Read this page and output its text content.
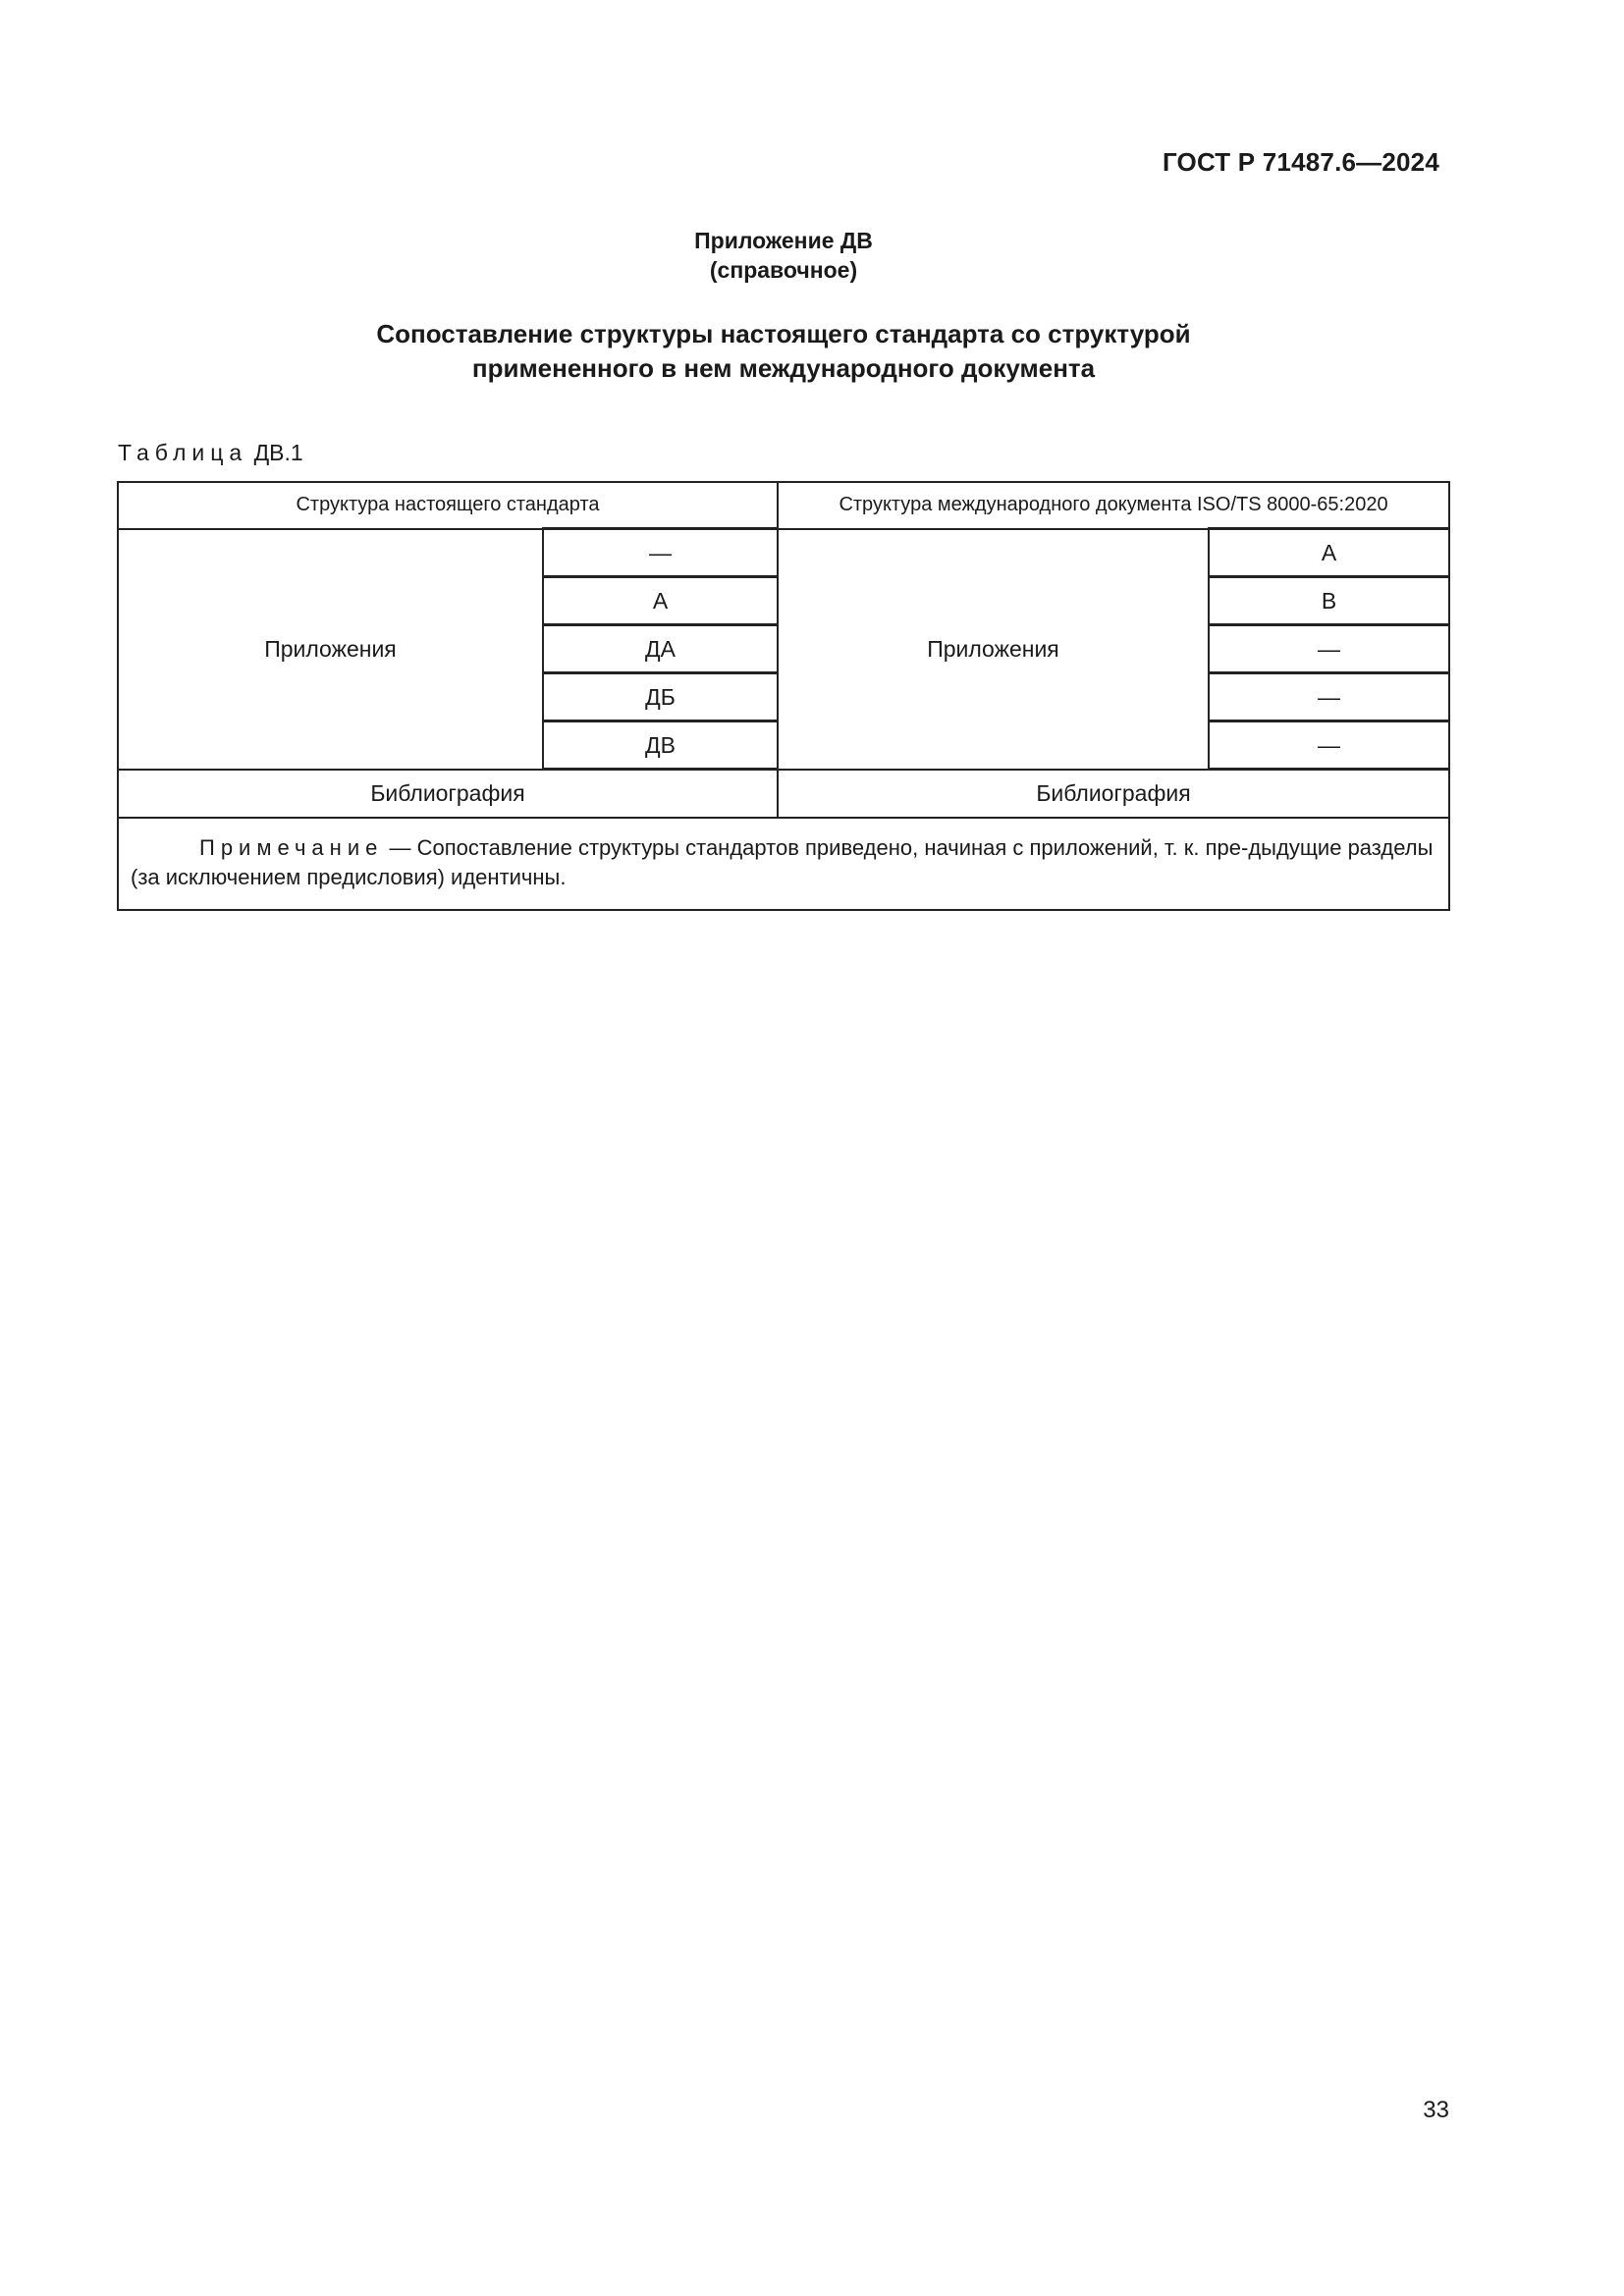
ГОСТ Р 71487.6—2024
Приложение ДВ
(справочное)
Сопоставление структуры настоящего стандарта со структурой
примененного в нем международного документа
Таблица ДВ.1
Структура настоящего стандарта		Структура международного документа ISO/TS 8000-65:2020	
Приложения	—	Приложения	А
	А		В
	ДА		—
	ДБ		—
	ДВ		—
Библиография		Библиография	
Примечание — Сопоставление структуры стандартов приведено, начиная с приложений, т. к. пре-дыдущие разделы (за исключением предисловия) идентичны.			
33
